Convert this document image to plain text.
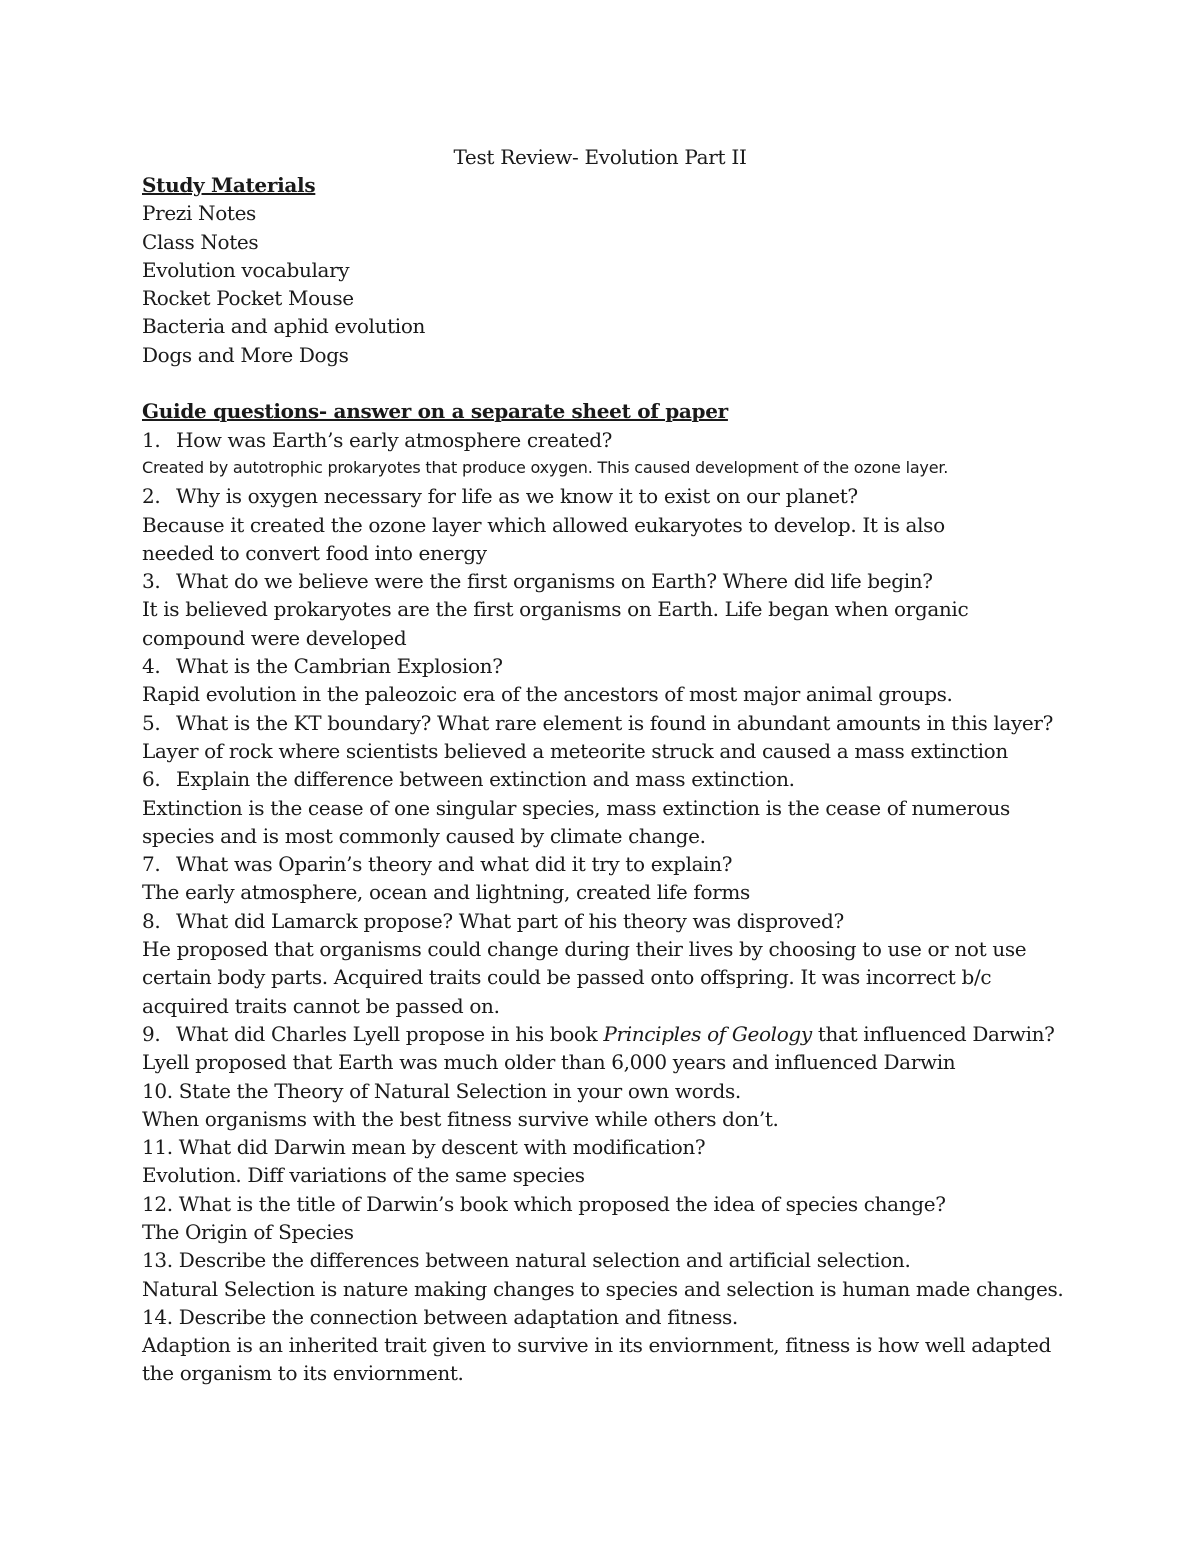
Test Review- Evolution Part II
Study Materials
Prezi Notes
Class Notes
Evolution vocabulary
Rocket Pocket Mouse
Bacteria and aphid evolution
Dogs and More Dogs
Guide questions- answer on a separate sheet of paper
1. How was Earth’s early atmosphere created?
Created by autotrophic prokaryotes that produce oxygen. This caused development of the ozone layer.
2. Why is oxygen necessary for life as we know it to exist on our planet?
Because it created the ozone layer which allowed eukaryotes to develop. It is also needed to convert food into energy
3. What do we believe were the first organisms on Earth? Where did life begin?
It is believed prokaryotes are the first organisms on Earth. Life began when organic compound were developed
4. What is the Cambrian Explosion?
Rapid evolution in the paleozoic era of the ancestors of most major animal groups.
5. What is the KT boundary? What rare element is found in abundant amounts in this layer?
Layer of rock where scientists believed a meteorite struck and caused a mass extinction
6. Explain the difference between extinction and mass extinction.
Extinction is the cease of one singular species, mass extinction is the cease of numerous species and is most commonly caused by climate change.
7. What was Oparin’s theory and what did it try to explain?
The early atmosphere, ocean and lightning, created life forms
8. What did Lamarck propose? What part of his theory was disproved?
He proposed that organisms could change during their lives by choosing to use or not use certain body parts. Acquired traits could be passed onto offspring. It was incorrect b/c acquired traits cannot be passed on.
9. What did Charles Lyell propose in his book Principles of Geology that influenced Darwin?
Lyell proposed that Earth was much older than 6,000 years and influenced Darwin
10. State the Theory of Natural Selection in your own words.
When organisms with the best fitness survive while others don’t.
11. What did Darwin mean by descent with modification?
Evolution. Diff variations of the same species
12. What is the title of Darwin’s book which proposed the idea of species change?
The Origin of Species
13. Describe the differences between natural selection and artificial selection.
Natural Selection is nature making changes to species and selection is human made changes.
14. Describe the connection between adaptation and fitness.
Adaption is an inherited trait given to survive in its enviornment, fitness is how well adapted the organism to its enviornment.
